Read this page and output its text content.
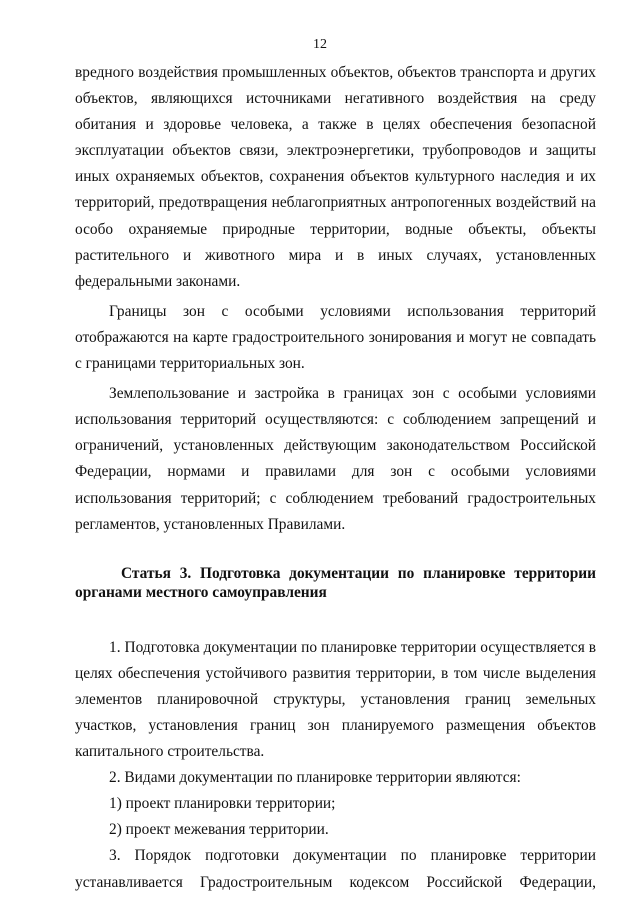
12

вредного воздействия промышленных объектов, объектов транспорта и других объектов, являющихся источниками негативного воздействия на среду обитания и здоровье человека, а также в целях обеспечения безопасной эксплуатации объектов связи, электроэнергетики, трубопроводов и защиты иных охраняемых объектов, сохранения объектов культурного наследия и их территорий, предотвращения неблагоприятных антропогенных воздействий на особо охраняемые природные территории, водные объекты, объекты растительного и животного мира и в иных случаях, установленных федеральными законами.

Границы зон с особыми условиями использования территорий отображаются на карте градостроительного зонирования и могут не совпадать с границами территориальных зон.

Землепользование и застройка в границах зон с особыми условиями использования территорий осуществляются: с соблюдением запрещений и ограничений, установленных действующим законодательством Российской Федерации, нормами и правилами для зон с особыми условиями использования территорий; с соблюдением требований градостроительных регламентов, установленных Правилами.

Статья 3. Подготовка документации по планировке территории органами местного самоуправления

1. Подготовка документации по планировке территории осуществляется в целях обеспечения устойчивого развития территории, в том числе выделения элементов планировочной структуры, установления границ земельных участков, установления границ зон планируемого размещения объектов капитального строительства.

2. Видами документации по планировке территории являются:

1) проект планировки территории;

2) проект межевания территории.

3. Порядок подготовки документации по планировке территории устанавливается Градостроительным кодексом Российской Федерации,
